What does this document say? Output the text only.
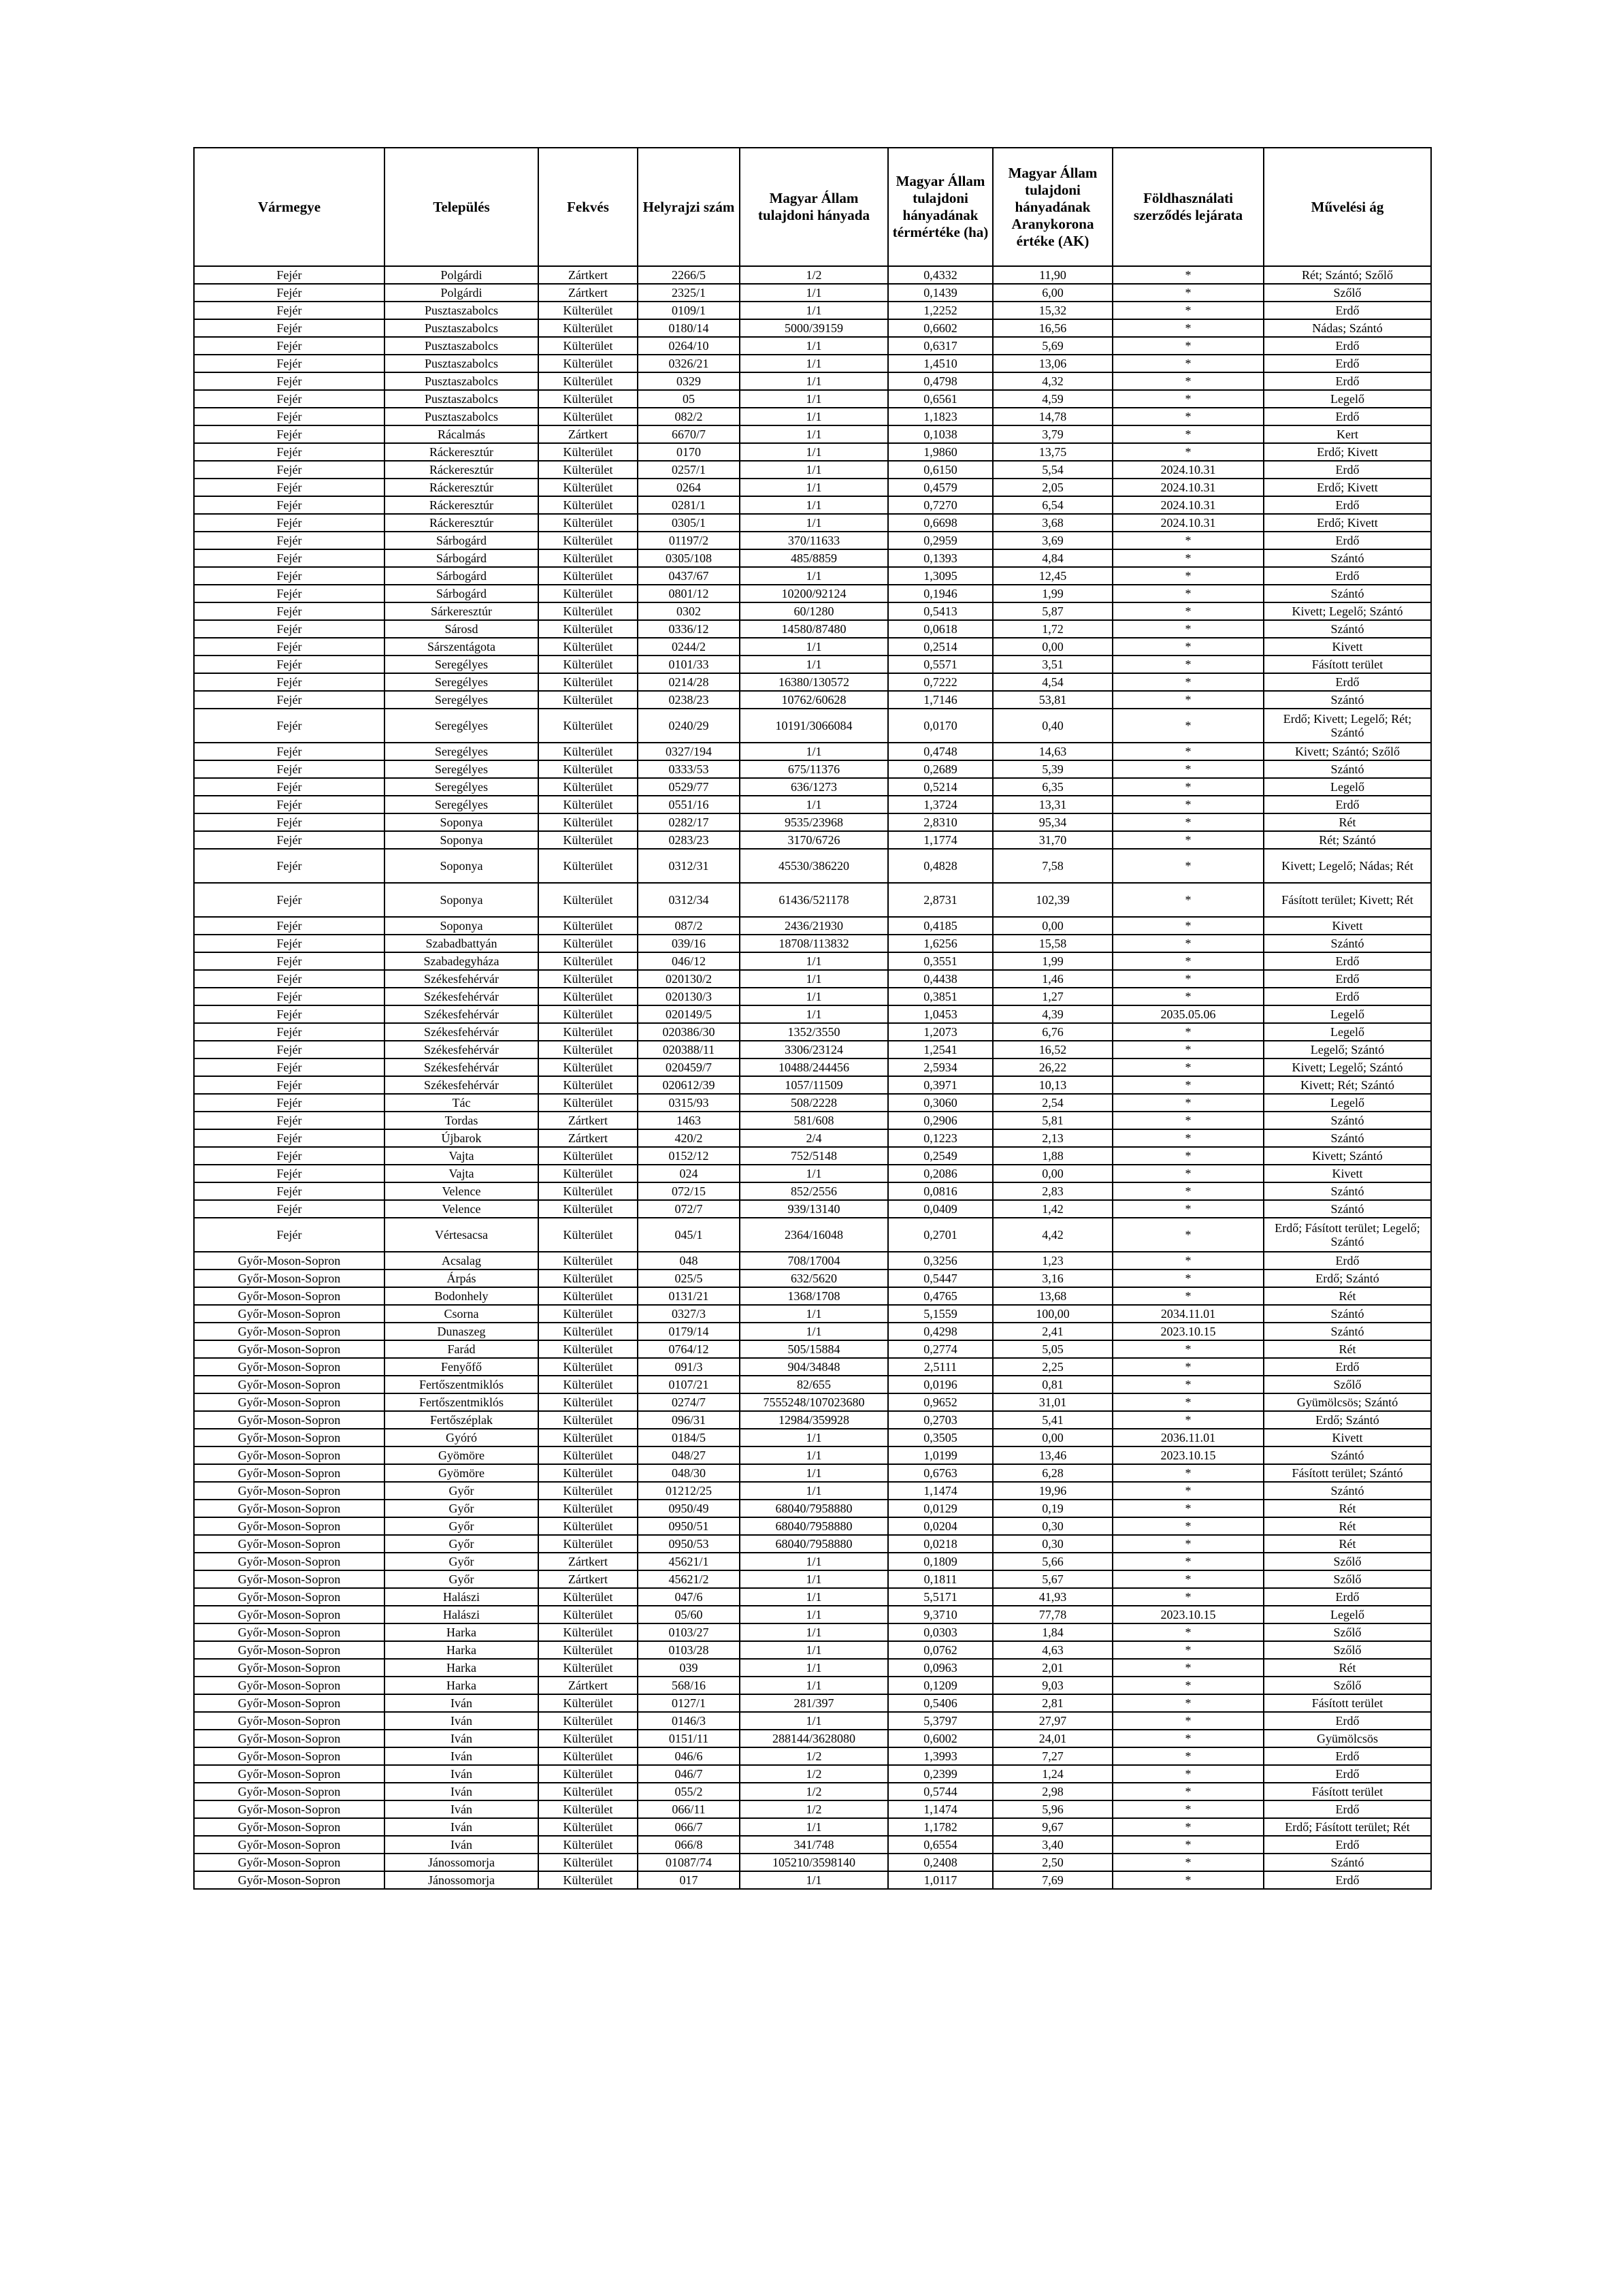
Vármegye	Település	Fekvés	Helyrajzi szám	Magyar Állam tulajdoni hányada	Magyar Állam tulajdoni hányadának térmértéke (ha)	Magyar Állam tulajdoni hányadának Aranykorona értéke (AK)	Földhasználati szerződés lejárata	Művelési ág
Fejér	Polgárdi	Zártkert	2266/5	1/2	0,4332	11,90	*	Rét; Szántó; Szőlő
Fejér	Polgárdi	Zártkert	2325/1	1/1	0,1439	6,00	*	Szőlő
Fejér	Pusztaszabolcs	Külterület	0109/1	1/1	1,2252	15,32	*	Erdő
Fejér	Pusztaszabolcs	Külterület	0180/14	5000/39159	0,6602	16,56	*	Nádas; Szántó
Fejér	Pusztaszabolcs	Külterület	0264/10	1/1	0,6317	5,69	*	Erdő
Fejér	Pusztaszabolcs	Külterület	0326/21	1/1	1,4510	13,06	*	Erdő
Fejér	Pusztaszabolcs	Külterület	0329	1/1	0,4798	4,32	*	Erdő
Fejér	Pusztaszabolcs	Külterület	05	1/1	0,6561	4,59	*	Legelő
Fejér	Pusztaszabolcs	Külterület	082/2	1/1	1,1823	14,78	*	Erdő
Fejér	Rácalmás	Zártkert	6670/7	1/1	0,1038	3,79	*	Kert
Fejér	Ráckeresztúr	Külterület	0170	1/1	1,9860	13,75	*	Erdő; Kivett
Fejér	Ráckeresztúr	Külterület	0257/1	1/1	0,6150	5,54	2024.10.31	Erdő
Fejér	Ráckeresztúr	Külterület	0264	1/1	0,4579	2,05	2024.10.31	Erdő; Kivett
Fejér	Ráckeresztúr	Külterület	0281/1	1/1	0,7270	6,54	2024.10.31	Erdő
Fejér	Ráckeresztúr	Külterület	0305/1	1/1	0,6698	3,68	2024.10.31	Erdő; Kivett
Fejér	Sárbogárd	Külterület	01197/2	370/11633	0,2959	3,69	*	Erdő
Fejér	Sárbogárd	Külterület	0305/108	485/8859	0,1393	4,84	*	Szántó
Fejér	Sárbogárd	Külterület	0437/67	1/1	1,3095	12,45	*	Erdő
Fejér	Sárbogárd	Külterület	0801/12	10200/92124	0,1946	1,99	*	Szántó
Fejér	Sárkeresztúr	Külterület	0302	60/1280	0,5413	5,87	*	Kivett; Legelő; Szántó
Fejér	Sárosd	Külterület	0336/12	14580/87480	0,0618	1,72	*	Szántó
Fejér	Sárszentágota	Külterület	0244/2	1/1	0,2514	0,00	*	Kivett
Fejér	Seregélyes	Külterület	0101/33	1/1	0,5571	3,51	*	Fásított terület
Fejér	Seregélyes	Külterület	0214/28	16380/130572	0,7222	4,54	*	Erdő
Fejér	Seregélyes	Külterület	0238/23	10762/60628	1,7146	53,81	*	Szántó
Fejér	Seregélyes	Külterület	0240/29	10191/3066084	0,0170	0,40	*	Erdő; Kivett; Legelő; Rét; Szántó
Fejér	Seregélyes	Külterület	0327/194	1/1	0,4748	14,63	*	Kivett; Szántó; Szőlő
Fejér	Seregélyes	Külterület	0333/53	675/11376	0,2689	5,39	*	Szántó
Fejér	Seregélyes	Külterület	0529/77	636/1273	0,5214	6,35	*	Legelő
Fejér	Seregélyes	Külterület	0551/16	1/1	1,3724	13,31	*	Erdő
Fejér	Soponya	Külterület	0282/17	9535/23968	2,8310	95,34	*	Rét
Fejér	Soponya	Külterület	0283/23	3170/6726	1,1774	31,70	*	Rét; Szántó
Fejér	Soponya	Külterület	0312/31	45530/386220	0,4828	7,58	*	Kivett; Legelő; Nádas; Rét
Fejér	Soponya	Külterület	0312/34	61436/521178	2,8731	102,39	*	Fásított terület; Kivett; Rét
Fejér	Soponya	Külterület	087/2	2436/21930	0,4185	0,00	*	Kivett
Fejér	Szabadbattyán	Külterület	039/16	18708/113832	1,6256	15,58	*	Szántó
Fejér	Szabadegyháza	Külterület	046/12	1/1	0,3551	1,99	*	Erdő
Fejér	Székesfehérvár	Külterület	020130/2	1/1	0,4438	1,46	*	Erdő
Fejér	Székesfehérvár	Külterület	020130/3	1/1	0,3851	1,27	*	Erdő
Fejér	Székesfehérvár	Külterület	020149/5	1/1	1,0453	4,39	2035.05.06	Legelő
Fejér	Székesfehérvár	Külterület	020386/30	1352/3550	1,2073	6,76	*	Legelő
Fejér	Székesfehérvár	Külterület	020388/11	3306/23124	1,2541	16,52	*	Legelő; Szántó
Fejér	Székesfehérvár	Külterület	020459/7	10488/244456	2,5934	26,22	*	Kivett; Legelő; Szántó
Fejér	Székesfehérvár	Külterület	020612/39	1057/11509	0,3971	10,13	*	Kivett; Rét; Szántó
Fejér	Tác	Külterület	0315/93	508/2228	0,3060	2,54	*	Legelő
Fejér	Tordas	Zártkert	1463	581/608	0,2906	5,81	*	Szántó
Fejér	Újbarok	Zártkert	420/2	2/4	0,1223	2,13	*	Szántó
Fejér	Vajta	Külterület	0152/12	752/5148	0,2549	1,88	*	Kivett; Szántó
Fejér	Vajta	Külterület	024	1/1	0,2086	0,00	*	Kivett
Fejér	Velence	Külterület	072/15	852/2556	0,0816	2,83	*	Szántó
Fejér	Velence	Külterület	072/7	939/13140	0,0409	1,42	*	Szántó
Fejér	Vértesacsa	Külterület	045/1	2364/16048	0,2701	4,42	*	Erdő; Fásított terület; Legelő; Szántó
Győr-Moson-Sopron	Acsalag	Külterület	048	708/17004	0,3256	1,23	*	Erdő
Győr-Moson-Sopron	Árpás	Külterület	025/5	632/5620	0,5447	3,16	*	Erdő; Szántó
Győr-Moson-Sopron	Bodonhely	Külterület	0131/21	1368/1708	0,4765	13,68	*	Rét
Győr-Moson-Sopron	Csorna	Külterület	0327/3	1/1	5,1559	100,00	2034.11.01	Szántó
Győr-Moson-Sopron	Dunaszeg	Külterület	0179/14	1/1	0,4298	2,41	2023.10.15	Szántó
Győr-Moson-Sopron	Farád	Külterület	0764/12	505/15884	0,2774	5,05	*	Rét
Győr-Moson-Sopron	Fenyőfő	Külterület	091/3	904/34848	2,5111	2,25	*	Erdő
Győr-Moson-Sopron	Fertőszentmiklós	Külterület	0107/21	82/655	0,0196	0,81	*	Szőlő
Győr-Moson-Sopron	Fertőszentmiklós	Külterület	0274/7	7555248/107023680	0,9652	31,01	*	Gyümölcsös; Szántó
Győr-Moson-Sopron	Fertőszéplak	Külterület	096/31	12984/359928	0,2703	5,41	*	Erdő; Szántó
Győr-Moson-Sopron	Gyóró	Külterület	0184/5	1/1	0,3505	0,00	2036.11.01	Kivett
Győr-Moson-Sopron	Gyömöre	Külterület	048/27	1/1	1,0199	13,46	2023.10.15	Szántó
Győr-Moson-Sopron	Gyömöre	Külterület	048/30	1/1	0,6763	6,28	*	Fásított terület; Szántó
Győr-Moson-Sopron	Győr	Külterület	01212/25	1/1	1,1474	19,96	*	Szántó
Győr-Moson-Sopron	Győr	Külterület	0950/49	68040/7958880	0,0129	0,19	*	Rét
Győr-Moson-Sopron	Győr	Külterület	0950/51	68040/7958880	0,0204	0,30	*	Rét
Győr-Moson-Sopron	Győr	Külterület	0950/53	68040/7958880	0,0218	0,30	*	Rét
Győr-Moson-Sopron	Győr	Zártkert	45621/1	1/1	0,1809	5,66	*	Szőlő
Győr-Moson-Sopron	Győr	Zártkert	45621/2	1/1	0,1811	5,67	*	Szőlő
Győr-Moson-Sopron	Halászi	Külterület	047/6	1/1	5,5171	41,93	*	Erdő
Győr-Moson-Sopron	Halászi	Külterület	05/60	1/1	9,3710	77,78	2023.10.15	Legelő
Győr-Moson-Sopron	Harka	Külterület	0103/27	1/1	0,0303	1,84	*	Szőlő
Győr-Moson-Sopron	Harka	Külterület	0103/28	1/1	0,0762	4,63	*	Szőlő
Győr-Moson-Sopron	Harka	Külterület	039	1/1	0,0963	2,01	*	Rét
Győr-Moson-Sopron	Harka	Zártkert	568/16	1/1	0,1209	9,03	*	Szőlő
Győr-Moson-Sopron	Iván	Külterület	0127/1	281/397	0,5406	2,81	*	Fásított terület
Győr-Moson-Sopron	Iván	Külterület	0146/3	1/1	5,3797	27,97	*	Erdő
Győr-Moson-Sopron	Iván	Külterület	0151/11	288144/3628080	0,6002	24,01	*	Gyümölcsös
Győr-Moson-Sopron	Iván	Külterület	046/6	1/2	1,3993	7,27	*	Erdő
Győr-Moson-Sopron	Iván	Külterület	046/7	1/2	0,2399	1,24	*	Erdő
Győr-Moson-Sopron	Iván	Külterület	055/2	1/2	0,5744	2,98	*	Fásított terület
Győr-Moson-Sopron	Iván	Külterület	066/11	1/2	1,1474	5,96	*	Erdő
Győr-Moson-Sopron	Iván	Külterület	066/7	1/1	1,1782	9,67	*	Erdő; Fásított terület; Rét
Győr-Moson-Sopron	Iván	Külterület	066/8	341/748	0,6554	3,40	*	Erdő
Győr-Moson-Sopron	Jánossomorja	Külterület	01087/74	105210/3598140	0,2408	2,50	*	Szántó
Győr-Moson-Sopron	Jánossomorja	Külterület	017	1/1	1,0117	7,69	*	Erdő
